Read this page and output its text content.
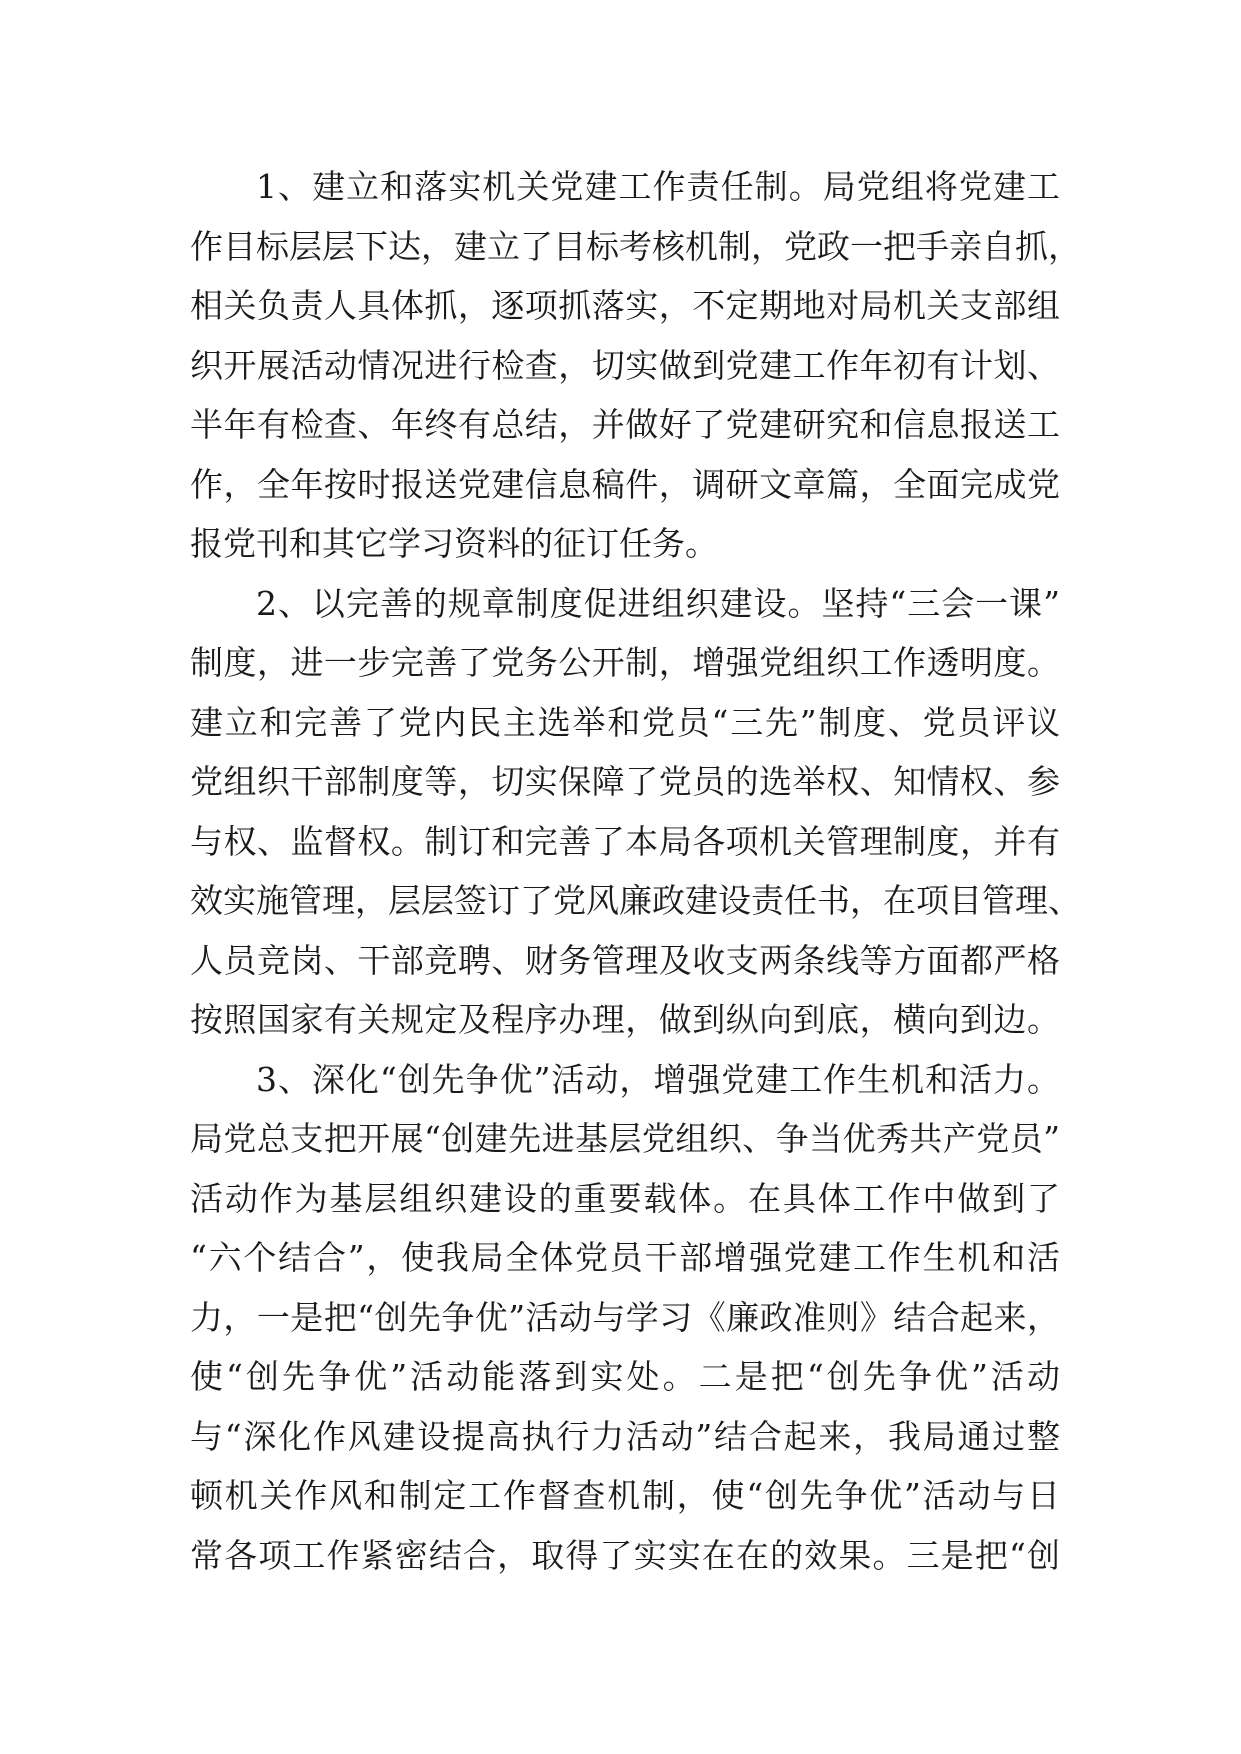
1、建立和落实机关党建工作责任制。局党组将党建工
作目标层层下达，建立了目标考核机制，党政一把手亲自抓，
相关负责人具体抓，逐项抓落实，不定期地对局机关支部组
织开展活动情况进行检查，切实做到党建工作年初有计划、
半年有检查、年终有总结，并做好了党建研究和信息报送工
作，全年按时报送党建信息稿件，调研文章篇，全面完成党
报党刊和其它学习资料的征订任务。
2、以完善的规章制度促进组织建设。坚持“三会一课”
制度，进一步完善了党务公开制，增强党组织工作透明度。
建立和完善了党内民主选举和党员“三先”制度、党员评议
党组织干部制度等，切实保障了党员的选举权、知情权、参
与权、监督权。制订和完善了本局各项机关管理制度，并有
效实施管理，层层签订了党风廉政建设责任书，在项目管理、
人员竞岗、干部竞聘、财务管理及收支两条线等方面都严格
按照国家有关规定及程序办理，做到纵向到底，横向到边。
3、深化“创先争优”活动，增强党建工作生机和活力。
局党总支把开展“创建先进基层党组织、争当优秀共产党员”
活动作为基层组织建设的重要载体。在具体工作中做到了
“六个结合”，使我局全体党员干部增强党建工作生机和活
力，一是把“创先争优”活动与学习《廉政准则》结合起来，
使“创先争优”活动能落到实处。二是把“创先争优”活动
与“深化作风建设提高执行力活动”结合起来，我局通过整
顿机关作风和制定工作督查机制，使“创先争优”活动与日
常各项工作紧密结合，取得了实实在在的效果。三是把“创
